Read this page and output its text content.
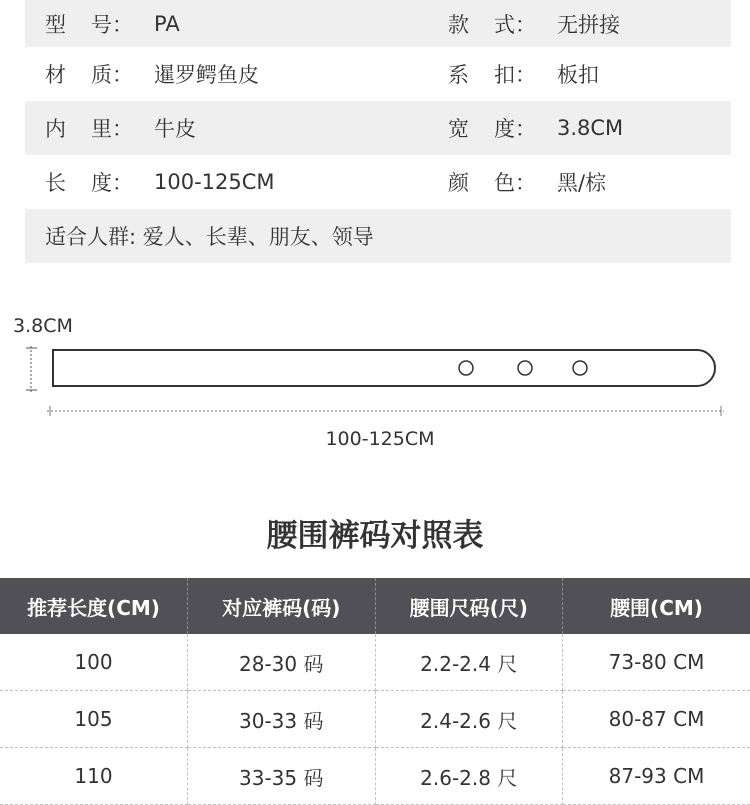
型 号： PA	款 式： 无拼接
材 质： 暹罗鳄鱼皮	系 扣： 板扣
内 里： 牛皮	宽 度： 3.8CM
长 度： 100-125CM	颜 色： 黑/棕
适合人群: 爱人、长辈、朋友、领导
3.8CM
100-125CM
腰围裤码对照表
推荐长度(CM)	对应裤码(码)	腰围尺码(尺)	腰围(CM)
100	28-30 码	2.2-2.4 尺	73-80 CM
105	30-33 码	2.4-2.6 尺	80-87 CM
110	33-35 码	2.6-2.8 尺	87-93 CM
